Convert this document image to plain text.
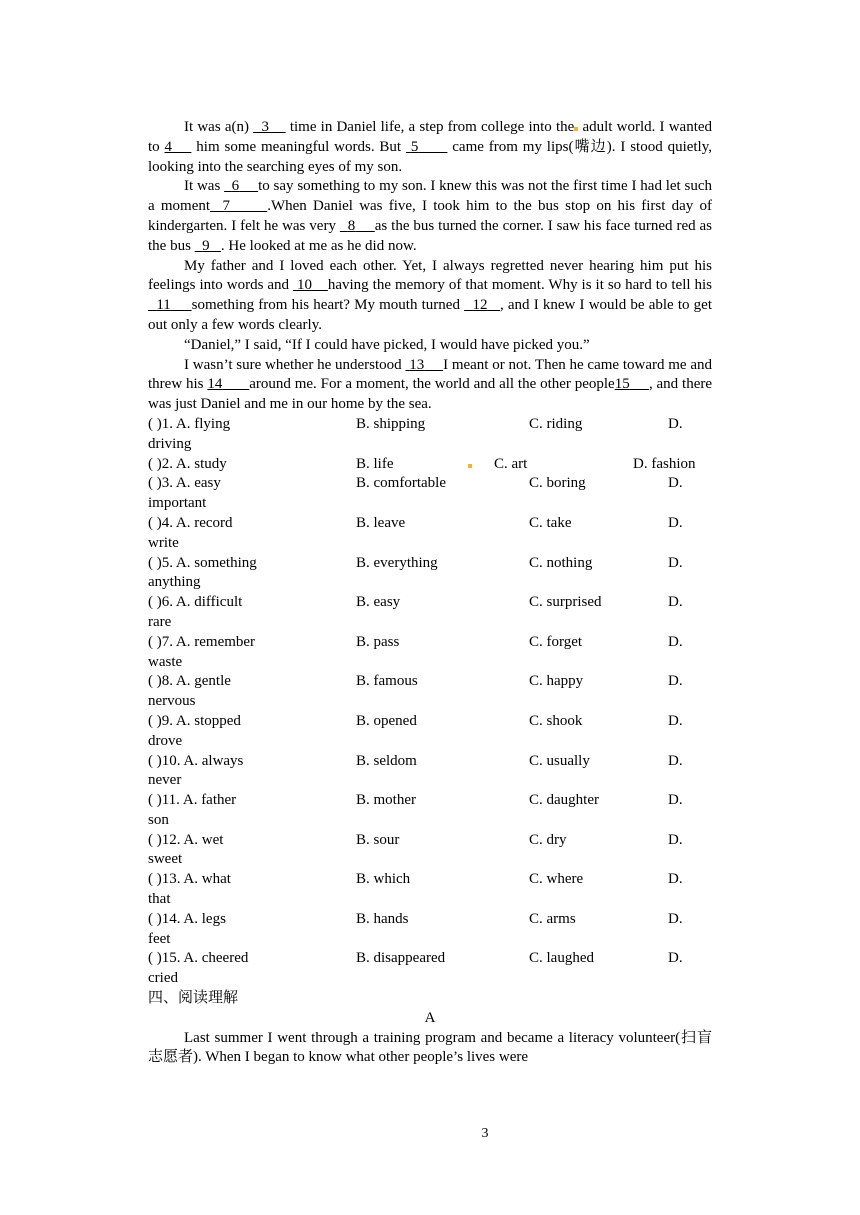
It was a(n)   3     time in Daniel life, a step from college into the adult world. I wanted to 4     him some meaningful words. But  5       came from my lips(嘴边). I stood quietly, looking into the searching eyes of my son.

It was   6 to say something to my son. I knew this was not the first time I had let such a moment 7 .When Daniel was five, I took him to the bus stop on his first day of kindergarten. I felt he was very   8 as the bus turned the corner. I saw his face turned red as the bus   9 . He looked at me as he did now.

My father and I loved each other. Yet, I always regretted never hearing him put his feelings into words and  10 having the memory of that moment. Why is it so hard to tell his   11 something from his heart? My mouth turned   12 , and I knew I would be able to get out only a few words clearly.

“Daniel,” I said, “If I could have picked, I would have picked you.”

I wasn’t sure whether he understood  13 I meant or not. Then he came toward me and threw his 14 around me. For a moment, the world and all the other people15 , and there was just Daniel and me in our home by the sea.

( )1. A. flying	B. shipping	C. riding	D.
driving
( )2. A. study	B. life	C. art	D. fashion
( )3. A. easy	B. comfortable	C. boring	D.
important
( )4. A. record	B. leave	C. take	D.
write
( )5. A. something	B. everything	C. nothing	D.
anything
( )6. A. difficult	B. easy	C. surprised	D.
rare
( )7. A. remember	B. pass	C. forget	D.
waste
( )8. A. gentle	B. famous	C. happy	D.
nervous
( )9. A. stopped	B. opened	C. shook	D.
drove
( )10. A. always	B. seldom	C. usually	D.
never
( )11. A. father	B. mother	C. daughter	D.
son
( )12. A. wet	B. sour	C. dry	D.
sweet
( )13. A. what	B. which	C. where	D.
that
( )14. A. legs	B. hands	C. arms	D.
feet
( )15. A. cheered	B. disappeared	C. laughed	D.
cried

四、阅读理解

A

Last summer I went through a training program and became a literacy volunteer(扫盲志愿者). When I began to know what other people’s lives were

3
